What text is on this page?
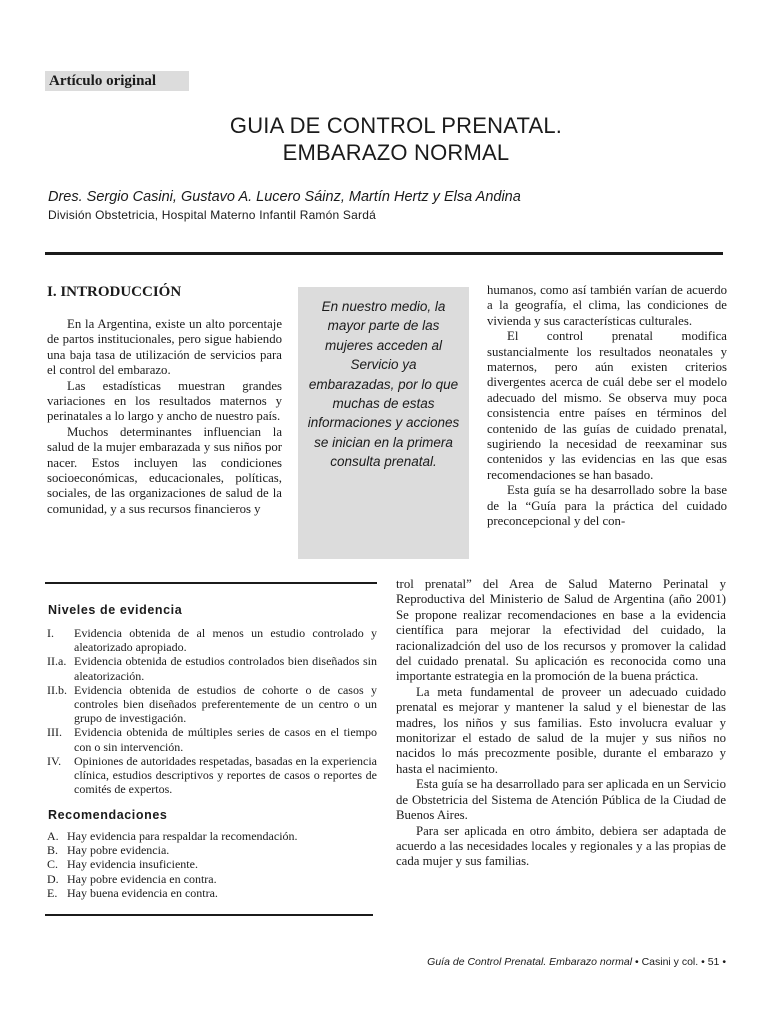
Artículo original
GUIA DE CONTROL PRENATAL.
EMBARAZO NORMAL
Dres. Sergio Casini, Gustavo A. Lucero Sáinz, Martín Hertz y Elsa Andina
División Obstetricia, Hospital Materno Infantil Ramón Sardá
I. INTRODUCCIÓN

En la Argentina, existe un alto porcentaje de partos institucionales, pero sigue habiendo una baja tasa de utilización de servicios para el control del embarazo.

Las estadísticas muestran grandes variaciones en los resultados maternos y perinatales a lo largo y ancho de nuestro país.

Muchos determinantes influencian la salud de la mujer embarazada y sus niños por nacer. Estos incluyen las condiciones socioeconómicas, educacionales, políticas, sociales, de las organizaciones de salud de la comunidad, y a sus recursos financieros y

En nuestro medio, la mayor parte de las mujeres acceden al Servicio ya embarazadas, por lo que muchas de estas informaciones y acciones se inician en la primera consulta prenatal.

humanos, como así también varían de acuerdo a la geografía, el clima, las condiciones de vivienda y sus características culturales.

El control prenatal modifica sustancialmente los resultados neonatales y maternos, pero aún existen criterios divergentes acerca de cuál debe ser el modelo adecuado del mismo. Se observa muy poca consistencia entre países en términos del contenido de las guías de cuidado prenatal, sugiriendo la necesidad de reexaminar sus contenidos y las evidencias en las que esas recomendaciones se han basado.

Esta guía se ha desarrollado sobre la base de la “Guía para la práctica del cuidado preconcepcional y del con-

Niveles de evidencia
I.	Evidencia obtenida de al menos un estudio controlado y aleatorizado apropiado.
II.a. Evidencia obtenida de estudios controlados bien diseñados sin aleatorización.
II.b. Evidencia obtenida de estudios de cohorte o de casos y controles bien diseñados preferentemente de un centro o un grupo de investigación.
III.	Evidencia obtenida de múltiples series de casos en el tiempo con o sin intervención.
IV.	Opiniones de autoridades respetadas, basadas en la experiencia clínica, estudios descriptivos y reportes de casos o reportes de comités de expertos.
Recomendaciones
A. Hay evidencia para respaldar la recomendación.
B. Hay pobre evidencia.
C. Hay evidencia insuficiente.
D. Hay pobre evidencia en contra.
E. Hay buena evidencia en contra.

trol prenatal” del Area de Salud Materno Perinatal y Reproductiva del Ministerio de Salud de Argentina (año 2001) Se propone realizar recomendaciones en base a la evidencia científica para mejorar la efectividad del cuidado, la racionalizadción del uso de los recursos y promover la calidad del cuidado prenatal. Su aplicación es reconocida como una importante estrategia en la promoción de la buena práctica.

La meta fundamental de proveer un adecuado cuidado prenatal es mejorar y mantener la salud y el bienestar de las madres, los niños y sus familias. Esto involucra evaluar y monitorizar el estado de salud de la mujer y sus niños no nacidos lo más precozmente posible, durante el embarazo y hasta el nacimiento.

Esta guía se ha desarrollado para ser aplicada en un Servicio de Obstetricia del Sistema de Atención Pública de la Ciudad de Buenos Aires.

Para ser aplicada en otro ámbito, debiera ser adaptada de acuerdo a las necesidades locales y regionales y a las propias de cada mujer y sus familias.

Guía de Control Prenatal. Embarazo normal • Casini y col. • 51 •
